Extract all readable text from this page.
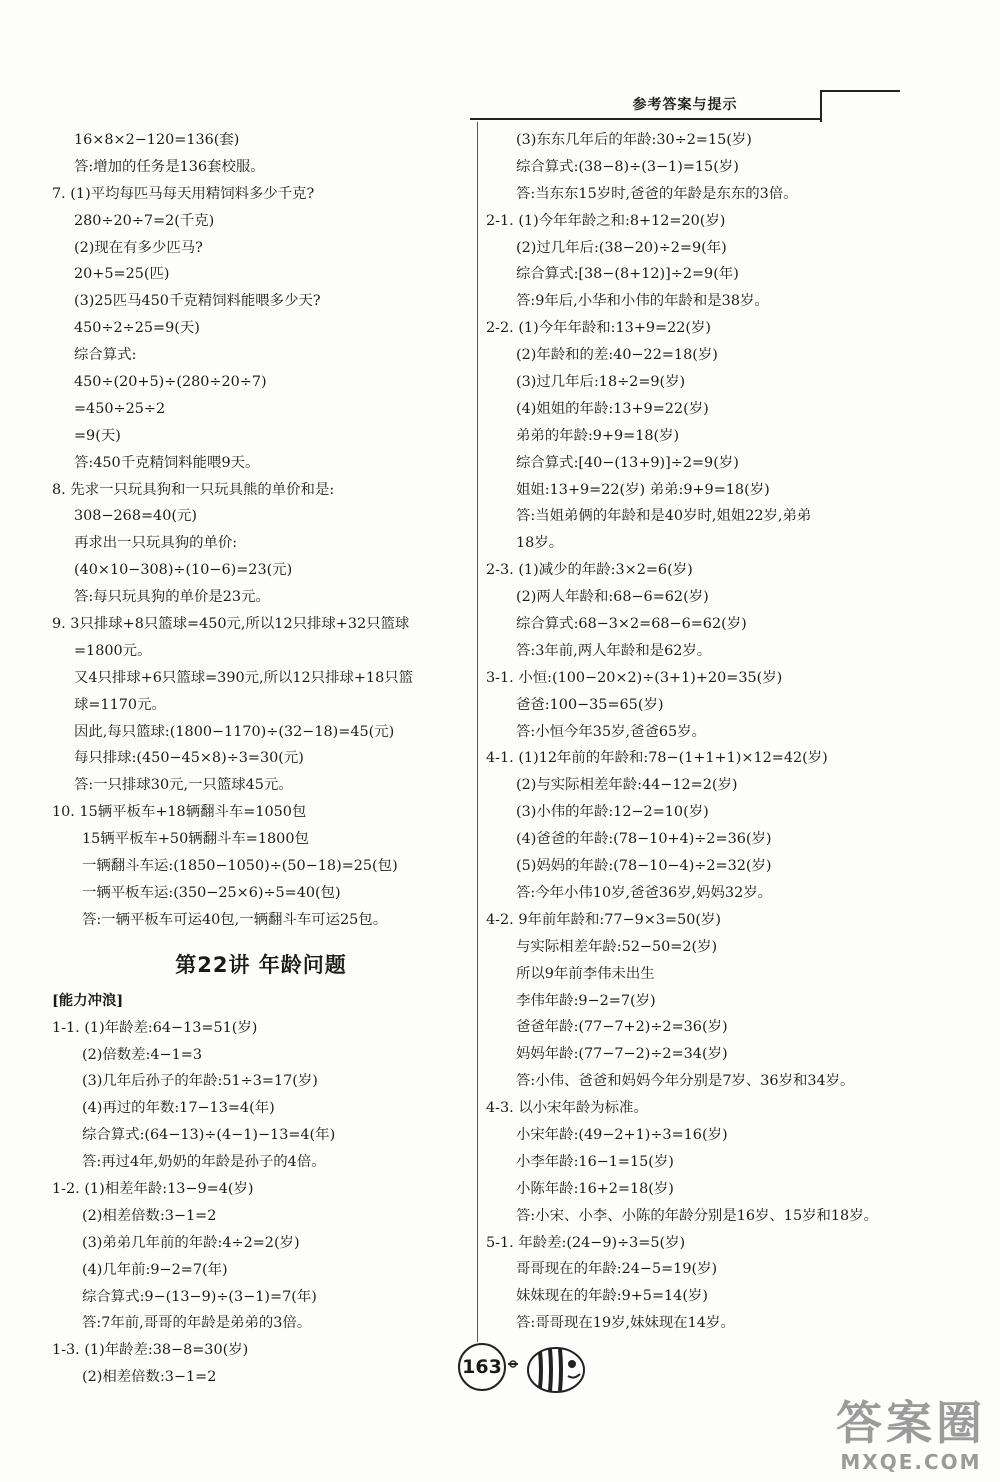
参考答案与提示
16×8×2−120=136(套)
答:增加的任务是136套校服。
7. (1)平均每匹马每天用精饲料多少千克?
280÷20÷7=2(千克)
(2)现在有多少匹马?
20+5=25(匹)
(3)25匹马450千克精饲料能喂多少天?
450÷2÷25=9(天)
综合算式:
450÷(20+5)÷(280÷20÷7)
=450÷25÷2
=9(天)
答:450千克精饲料能喂9天。
8. 先求一只玩具狗和一只玩具熊的单价和是:
308−268=40(元)
再求出一只玩具狗的单价:
(40×10−308)÷(10−6)=23(元)
答:每只玩具狗的单价是23元。
9. 3只排球+8只篮球=450元,所以12只排球+32只篮球
=1800元。
又4只排球+6只篮球=390元,所以12只排球+18只篮
球=1170元。
因此,每只篮球:(1800−1170)÷(32−18)=45(元)
每只排球:(450−45×8)÷3=30(元)
答:一只排球30元,一只篮球45元。
10. 15辆平板车+18辆翻斗车=1050包
15辆平板车+50辆翻斗车=1800包
一辆翻斗车运:(1850−1050)÷(50−18)=25(包)
一辆平板车运:(350−25×6)÷5=40(包)
答:一辆平板车可运40包,一辆翻斗车可运25包。
第22讲 年龄问题
[能力冲浪]
1-1. (1)年龄差:64−13=51(岁)
(2)倍数差:4−1=3
(3)几年后孙子的年龄:51÷3=17(岁)
(4)再过的年数:17−13=4(年)
综合算式:(64−13)÷(4−1)−13=4(年)
答:再过4年,奶奶的年龄是孙子的4倍。
1-2. (1)相差年龄:13−9=4(岁)
(2)相差倍数:3−1=2
(3)弟弟几年前的年龄:4÷2=2(岁)
(4)几年前:9−2=7(年)
综合算式:9−(13−9)÷(3−1)=7(年)
答:7年前,哥哥的年龄是弟弟的3倍。
1-3. (1)年龄差:38−8=30(岁)
(2)相差倍数:3−1=2
(3)东东几年后的年龄:30÷2=15(岁)
综合算式:(38−8)÷(3−1)=15(岁)
答:当东东15岁时,爸爸的年龄是东东的3倍。
2-1. (1)今年年龄之和:8+12=20(岁)
(2)过几年后:(38−20)÷2=9(年)
综合算式:[38−(8+12)]÷2=9(年)
答:9年后,小华和小伟的年龄和是38岁。
2-2. (1)今年年龄和:13+9=22(岁)
(2)年龄和的差:40−22=18(岁)
(3)过几年后:18÷2=9(岁)
(4)姐姐的年龄:13+9=22(岁)
弟弟的年龄:9+9=18(岁)
综合算式:[40−(13+9)]÷2=9(岁)
姐姐:13+9=22(岁) 弟弟:9+9=18(岁)
答:当姐弟俩的年龄和是40岁时,姐姐22岁,弟弟
18岁。
2-3. (1)减少的年龄:3×2=6(岁)
(2)两人年龄和:68−6=62(岁)
综合算式:68−3×2=68−6=62(岁)
答:3年前,两人年龄和是62岁。
3-1. 小恒:(100−20×2)÷(3+1)+20=35(岁)
爸爸:100−35=65(岁)
答:小恒今年35岁,爸爸65岁。
4-1. (1)12年前的年龄和:78−(1+1+1)×12=42(岁)
(2)与实际相差年龄:44−12=2(岁)
(3)小伟的年龄:12−2=10(岁)
(4)爸爸的年龄:(78−10+4)÷2=36(岁)
(5)妈妈的年龄:(78−10−4)÷2=32(岁)
答:今年小伟10岁,爸爸36岁,妈妈32岁。
4-2. 9年前年龄和:77−9×3=50(岁)
与实际相差年龄:52−50=2(岁)
所以9年前李伟未出生
李伟年龄:9−2=7(岁)
爸爸年龄:(77−7+2)÷2=36(岁)
妈妈年龄:(77−7−2)÷2=34(岁)
答:小伟、爸爸和妈妈今年分别是7岁、36岁和34岁。
4-3. 以小宋年龄为标准。
小宋年龄:(49−2+1)÷3=16(岁)
小李年龄:16−1=15(岁)
小陈年龄:16+2=18(岁)
答:小宋、小李、小陈的年龄分别是16岁、15岁和18岁。
5-1. 年龄差:(24−9)÷3=5(岁)
哥哥现在的年龄:24−5=19(岁)
妹妹现在的年龄:9+5=14(岁)
答:哥哥现在19岁,妹妹现在14岁。
163
答案圈
MXQE.COM
